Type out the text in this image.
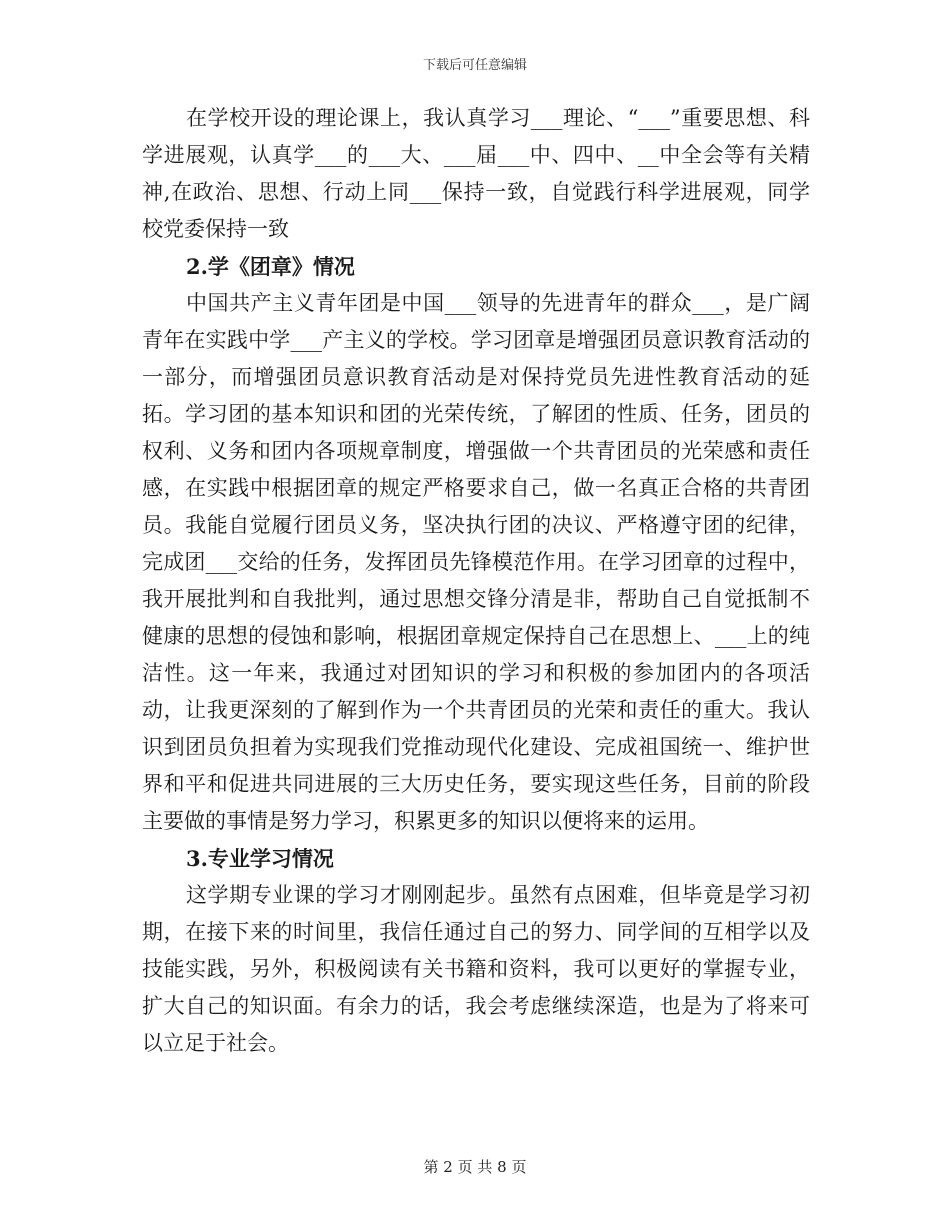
下载后可任意编辑

在学校开设的理论课上，我认真学习___理论、“___”重要思想、科学进展观，认真学___的___大、___届___中、四中、__中全会等有关精神,在政治、思想、行动上同___保持一致，自觉践行科学进展观，同学校党委保持一致

2.学《团章》情况

中国共产主义青年团是中国___领导的先进青年的群众___，是广阔青年在实践中学___产主义的学校。学习团章是增强团员意识教育活动的一部分，而增强团员意识教育活动是对保持党员先进性教育活动的延拓。学习团的基本知识和团的光荣传统，了解团的性质、任务，团员的权利、义务和团内各项规章制度，增强做一个共青团员的光荣感和责任感，在实践中根据团章的规定严格要求自己，做一名真正合格的共青团员。我能自觉履行团员义务，坚决执行团的决议、严格遵守团的纪律，完成团___交给的任务，发挥团员先锋模范作用。在学习团章的过程中，我开展批判和自我批判，通过思想交锋分清是非，帮助自己自觉抵制不健康的思想的侵蚀和影响，根据团章规定保持自己在思想上、___上的纯洁性。这一年来，我通过对团知识的学习和积极的参加团内的各项活动，让我更深刻的了解到作为一个共青团员的光荣和责任的重大。我认识到团员负担着为实现我们党推动现代化建设、完成祖国统一、维护世界和平和促进共同进展的三大历史任务，要实现这些任务，目前的阶段主要做的事情是努力学习，积累更多的知识以便将来的运用。

3.专业学习情况

这学期专业课的学习才刚刚起步。虽然有点困难，但毕竟是学习初期，在接下来的时间里，我信任通过自己的努力、同学间的互相学以及技能实践，另外，积极阅读有关书籍和资料，我可以更好的掌握专业，扩大自己的知识面。有余力的话，我会考虑继续深造，也是为了将来可以立足于社会。

第 2 页 共 8 页
